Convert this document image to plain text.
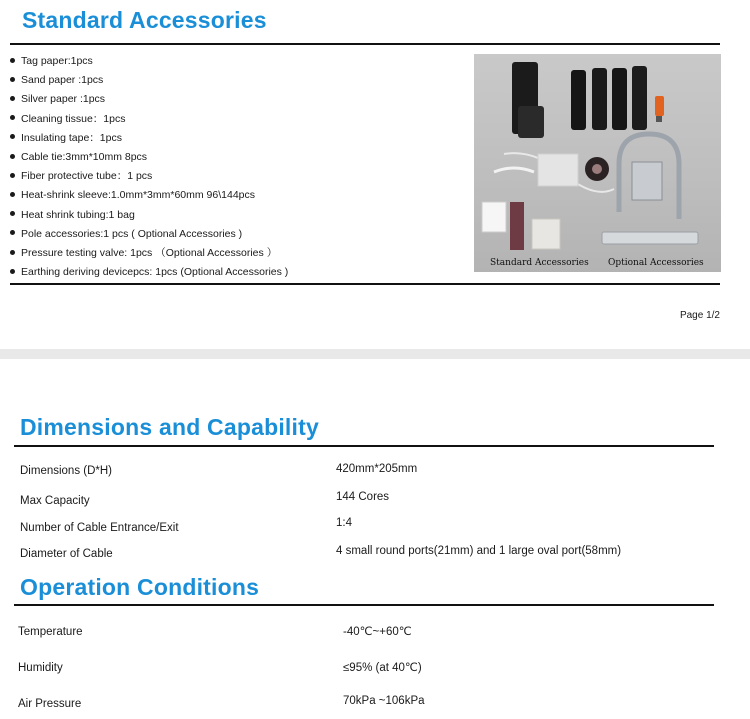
Standard Accessories
Tag paper:1pcs
Sand paper :1pcs
Silver paper :1pcs
Cleaning tissue：1pcs
Insulating tape：1pcs
Cable tie:3mm*10mm 8pcs
Fiber protective tube：1 pcs
Heat-shrink sleeve:1.0mm*3mm*60mm 96\144pcs
Heat shrink tubing:1 bag
Pole accessories:1 pcs ( Optional Accessories )
Pressure testing valve: 1pcs （Optional Accessories ）
Earthing deriving devicepcs: 1pcs (Optional Accessories )
Standard Accessories Optional Accessories
Page 1/2
Dimensions and Capability
Dimensions (D*H)	420mm*205mm
Max Capacity	144 Cores
Number of Cable Entrance/Exit	1:4
Diameter of Cable	4 small round ports(21mm) and 1 large oval port(58mm)
Operation Conditions
Temperature	-40℃~+60℃
Humidity	≤95% (at 40℃)
Air Pressure	70kPa ~106kPa
